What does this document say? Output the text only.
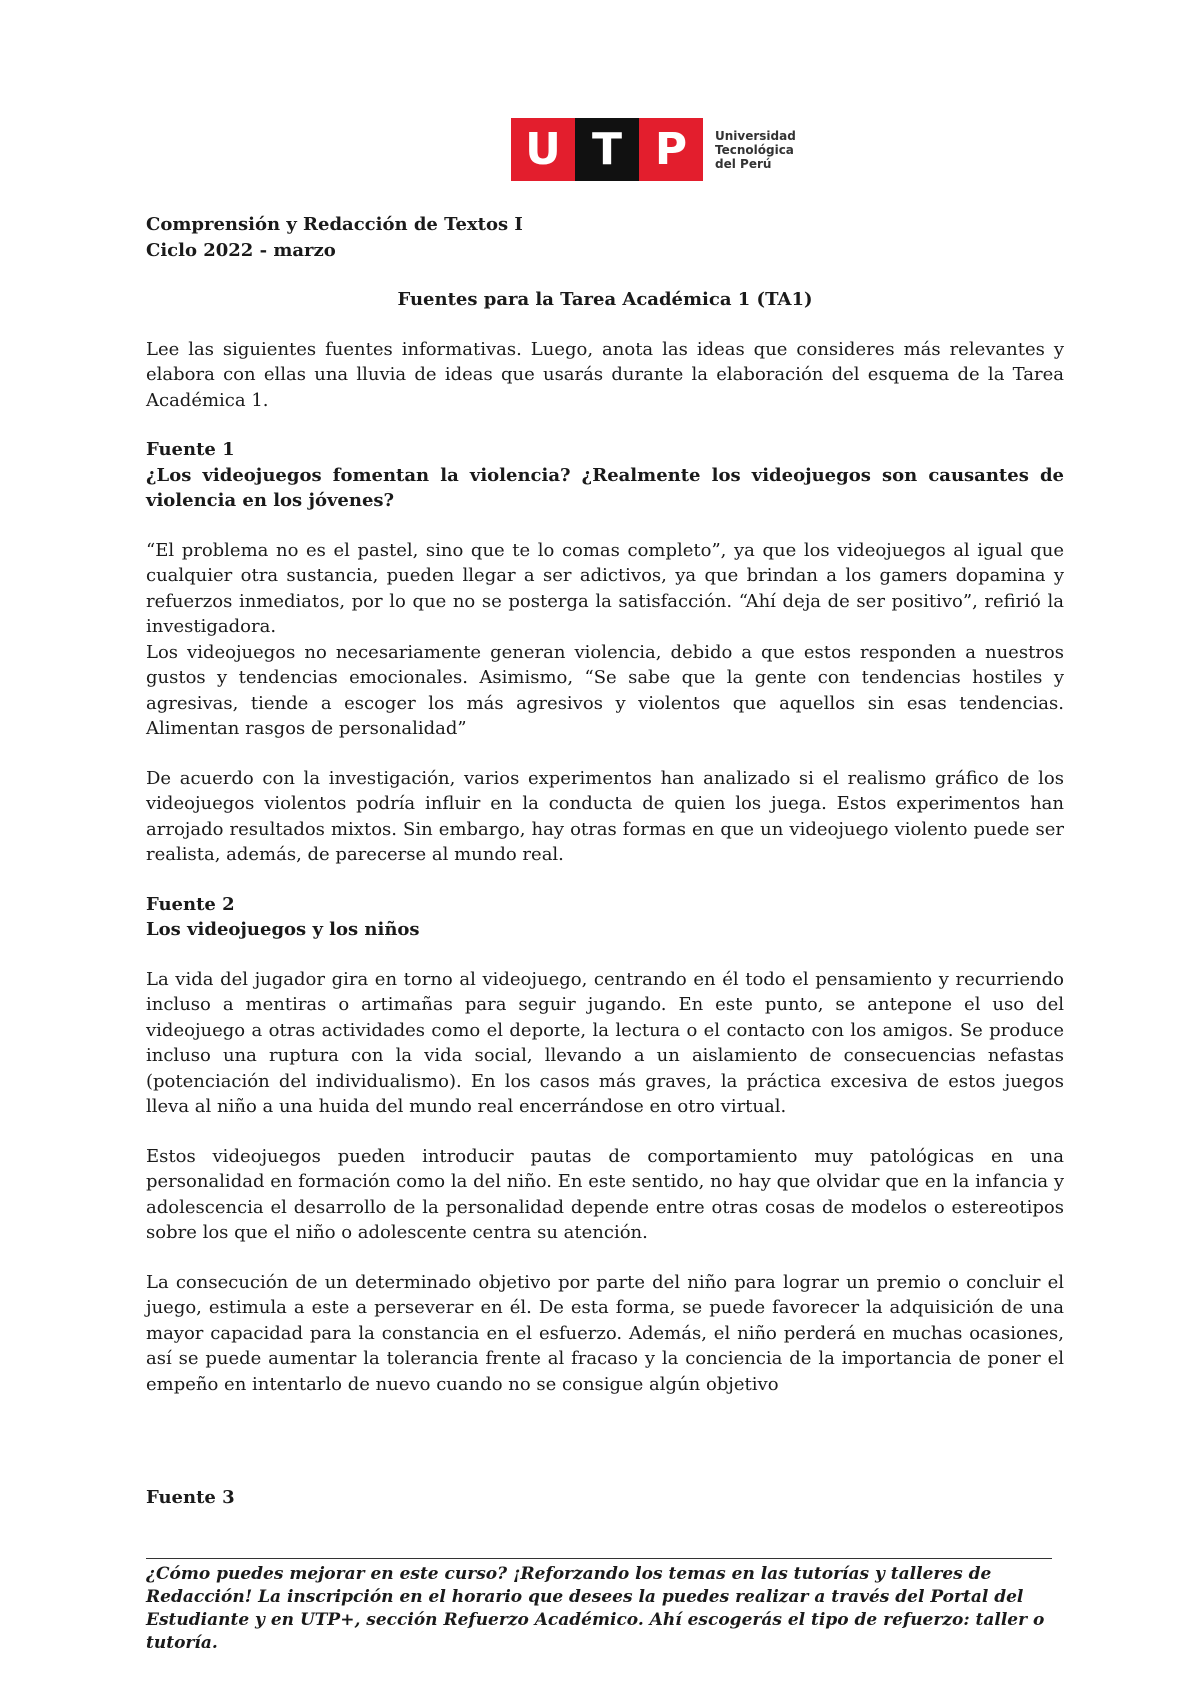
U T P	Universidad
Tecnológica
del Perú

Comprensión y Redacción de Textos I

Ciclo 2022 - marzo

Fuentes para la Tarea Académica 1 (TA1)

Lee las siguientes fuentes informativas. Luego, anota las ideas que consideres más relevantes y elabora con ellas una lluvia de ideas que usarás durante la elaboración del esquema de la Tarea Académica 1.

Fuente 1

¿Los videojuegos fomentan la violencia? ¿Realmente los videojuegos son causantes de violencia en los jóvenes?

“El problema no es el pastel, sino que te lo comas completo”, ya que los videojuegos al igual que cualquier otra sustancia, pueden llegar a ser adictivos, ya que brindan a los gamers dopamina y refuerzos inmediatos, por lo que no se posterga la satisfacción. “Ahí deja de ser positivo”, refirió la investigadora.

Los videojuegos no necesariamente generan violencia, debido a que estos responden a nuestros gustos y tendencias emocionales. Asimismo, “Se sabe que la gente con tendencias hostiles y agresivas, tiende a escoger los más agresivos y violentos que aquellos sin esas tendencias. Alimentan rasgos de personalidad”

De acuerdo con la investigación, varios experimentos han analizado si el realismo gráfico de los videojuegos violentos podría influir en la conducta de quien los juega. Estos experimentos han arrojado resultados mixtos. Sin embargo, hay otras formas en que un videojuego violento puede ser realista, además, de parecerse al mundo real.

Fuente 2

Los videojuegos y los niños

La vida del jugador gira en torno al videojuego, centrando en él todo el pensamiento y recurriendo incluso a mentiras o artimañas para seguir jugando. En este punto, se antepone el uso del videojuego a otras actividades como el deporte, la lectura o el contacto con los amigos. Se produce incluso una ruptura con la vida social, llevando a un aislamiento de consecuencias nefastas (potenciación del individualismo). En los casos más graves, la práctica excesiva de estos juegos lleva al niño a una huida del mundo real encerrándose en otro virtual.

Estos videojuegos pueden introducir pautas de comportamiento muy patológicas en una personalidad en formación como la del niño. En este sentido, no hay que olvidar que en la infancia y adolescencia el desarrollo de la personalidad depende entre otras cosas de modelos o estereotipos sobre los que el niño o adolescente centra su atención.

La consecución de un determinado objetivo por parte del niño para lograr un premio o concluir el juego, estimula a este a perseverar en él. De esta forma, se puede favorecer la adquisición de una mayor capacidad para la constancia en el esfuerzo. Además, el niño perderá en muchas ocasiones, así se puede aumentar la tolerancia frente al fracaso y la conciencia de la importancia de poner el empeño en intentarlo de nuevo cuando no se consigue algún objetivo

Fuente 3

¿Cómo puedes mejorar en este curso? ¡Reforzando los temas en las tutorías y talleres de Redacción! La inscripción en el horario que desees la puedes realizar a través del Portal del Estudiante y en UTP+, sección Refuerzo Académico. Ahí escogerás el tipo de refuerzo: taller o tutoría.
